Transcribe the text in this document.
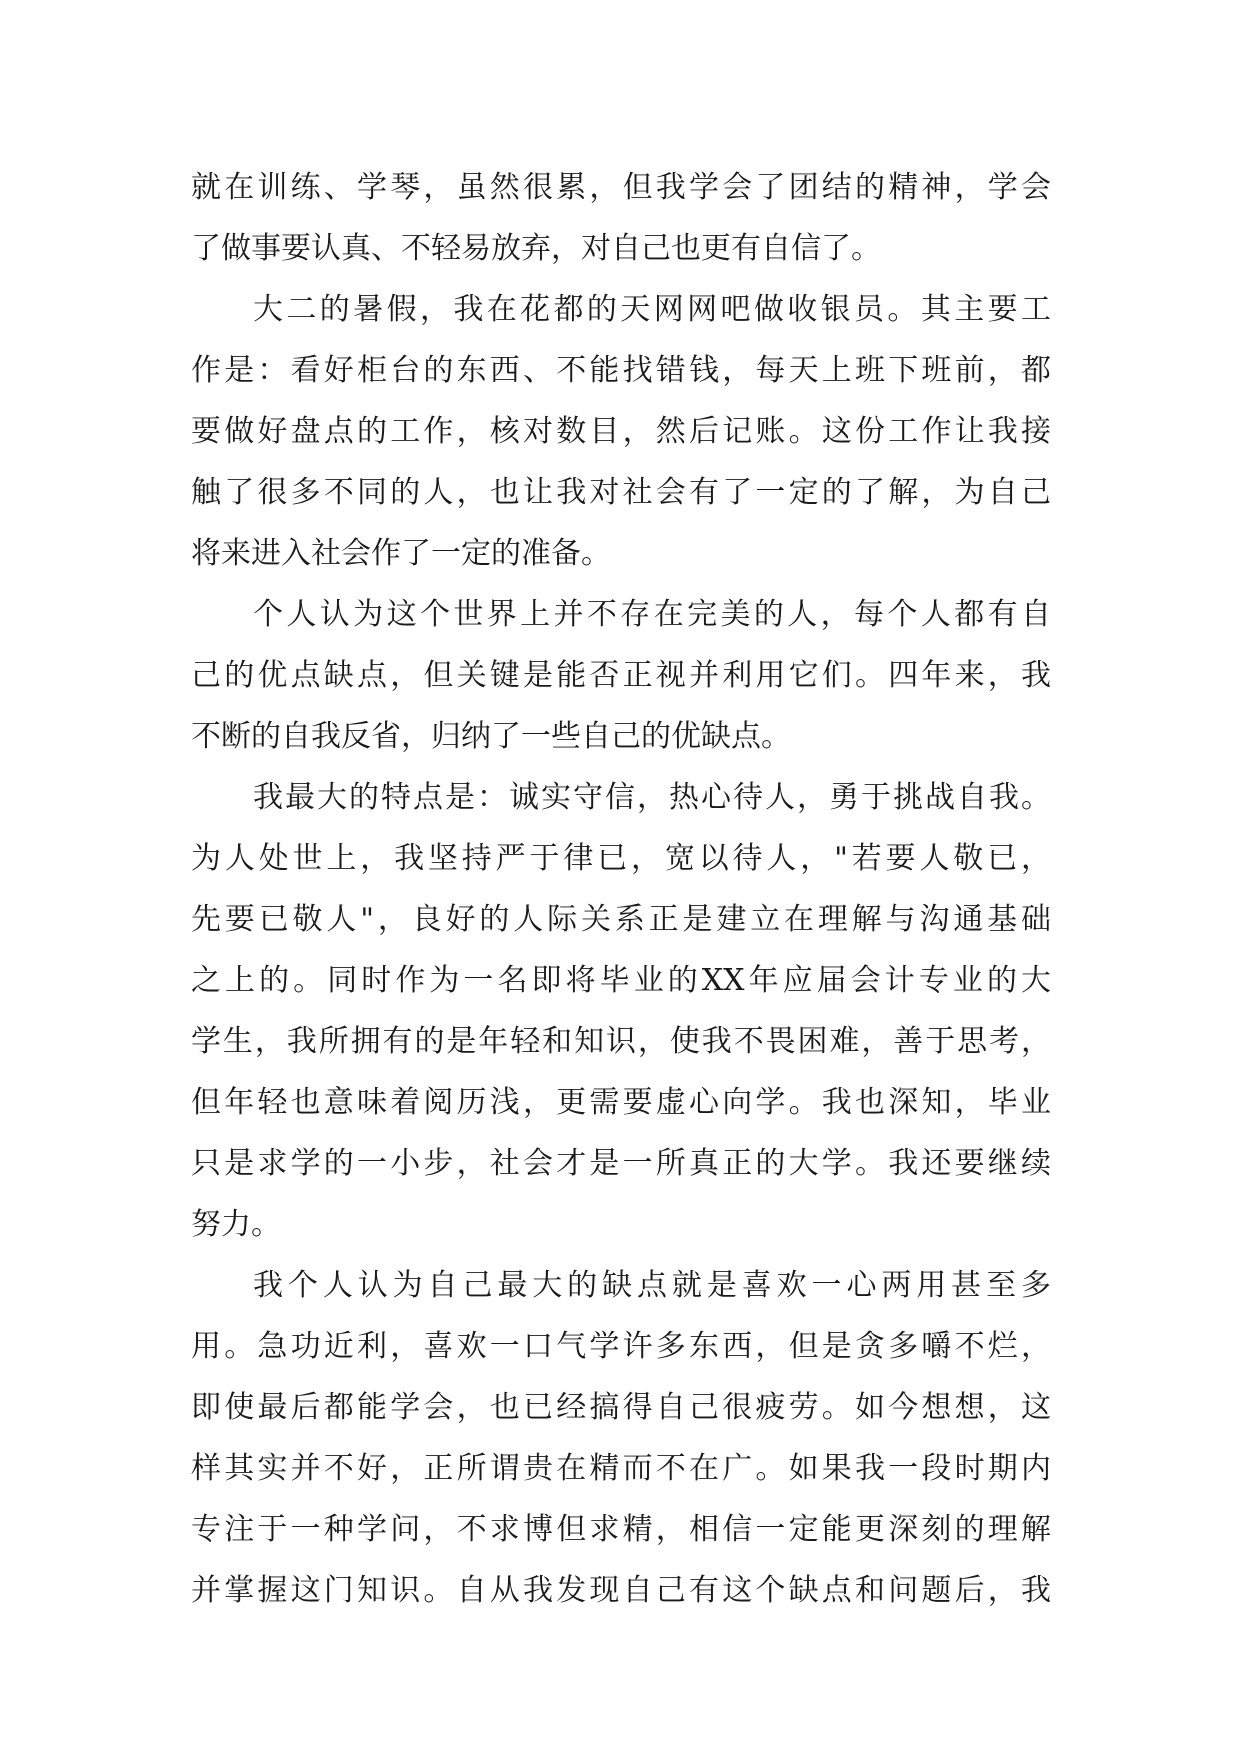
就在训练、学琴，虽然很累，但我学会了团结的精神，学会
了做事要认真、不轻易放弃，对自己也更有自信了。
大二的暑假，我在花都的天网网吧做收银员。其主要工
作是：看好柜台的东西、不能找错钱，每天上班下班前，都
要做好盘点的工作，核对数目，然后记账。这份工作让我接
触了很多不同的人，也让我对社会有了一定的了解，为自己
将来进入社会作了一定的准备。
个人认为这个世界上并不存在完美的人，每个人都有自
己的优点缺点，但关键是能否正视并利用它们。四年来，我
不断的自我反省，归纳了一些自己的优缺点。
我最大的特点是：诚实守信，热心待人，勇于挑战自我。
为人处世上，我坚持严于律已，宽以待人，"若要人敬已，
先要已敬人"，良好的人际关系正是建立在理解与沟通基础
之上的。同时作为一名即将毕业的XX年应届会计专业的大
学生，我所拥有的是年轻和知识，使我不畏困难，善于思考，
但年轻也意味着阅历浅，更需要虚心向学。我也深知，毕业
只是求学的一小步，社会才是一所真正的大学。我还要继续
努力。
我个人认为自己最大的缺点就是喜欢一心两用甚至多
用。急功近利，喜欢一口气学许多东西，但是贪多嚼不烂，
即使最后都能学会，也已经搞得自己很疲劳。如今想想，这
样其实并不好，正所谓贵在精而不在广。如果我一段时期内
专注于一种学问，不求博但求精，相信一定能更深刻的理解
并掌握这门知识。自从我发现自己有这个缺点和问题后，我
